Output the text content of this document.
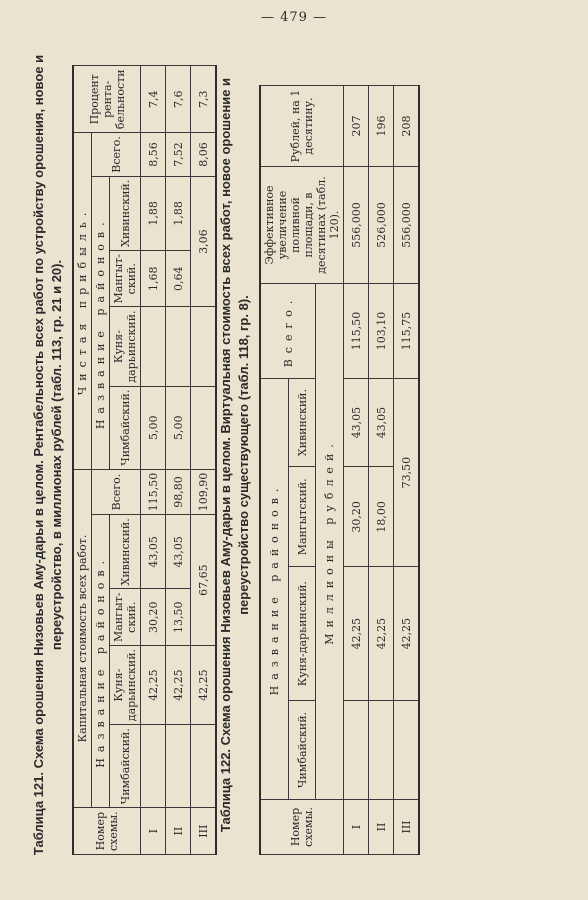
— 479 —

Таблица 121. Схема орошения Низовьев Аму-дарьи в целом. Рентабельность всех работ по устройству орошения, новое и переустройство, в миллионах рублей (табл. 113, гр. 21 и 20).

Номер схемы.	Капитальная стоимость всех работ.					Чистая прибыль.					Процент рента-бельности
	Название районов.				Всего.	Название районов.				Всего.	
	Чимбайский.	Куня-дарьинский.	Мангыт-ский.	Хивинский.		Чимбайский.	Куня-дарьинский.	Мангыт-ский.	Хивинский.		
I		42,25	30,20	43,05	115,50	5,00		1,68	1,88	8,56	7,4
II		42,25	13,50	43,05	98,80	5,00		0,64	1,88	7,52	7,6
III		42,25	67,65		109,90			3,06		8,06	7,3 Таблица 122. Схема орошения Низовьев Аму-дарьи в целом. Виртуальная стоимость всех работ, новое орошение и переустройство существующего (табл. 118, гр. 8).

Номер схемы.	Название районов.				Всего.	Эффективное увеличение поливной площади, в десятинах (табл. 120).	Рублей, на 1 десятину.
	Чимбайский.	Куня-дарьинский.	Мангытский.	Хивинский.			
	Миллионы рублей.						
I		42,25	30,20	43,05	115,50	556,000	207
II		42,25	18,00	43,05	103,10	526,000	196
III		42,25	73,50		115,75	556,000	208
